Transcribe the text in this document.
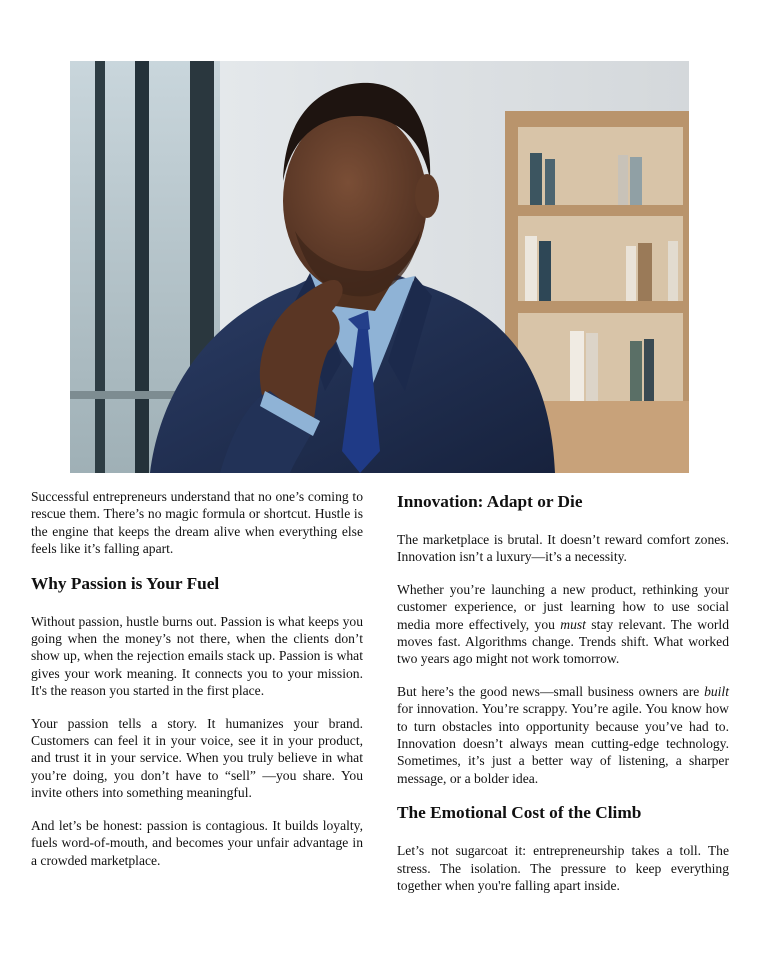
Successful entrepreneurs understand that no one’s coming to rescue them. There’s no magic formula or shortcut. Hustle is the engine that keeps the dream alive when everything else feels like it’s falling apart.

Why Passion is Your Fuel

Without passion, hustle burns out. Passion is what keeps you going when the money’s not there, when the clients don’t show up, when the rejection emails stack up. Passion is what gives your work meaning. It connects you to your mission. It's the reason you started in the first place.

Your passion tells a story. It humanizes your brand. Customers can feel it in your voice, see it in your product, and trust it in your service. When you truly believe in what you’re doing, you don’t have to “sell” —you share. You invite others into something meaningful.

And let’s be honest: passion is contagious. It builds loyalty, fuels word-of-mouth, and becomes your unfair advantage in a crowded marketplace.

Innovation: Adapt or Die

The marketplace is brutal. It doesn’t reward comfort zones. Innovation isn’t a luxury—it’s a necessity.

Whether you’re launching a new product, rethinking your customer experience, or just learning how to use social media more effectively, you must stay relevant. The world moves fast. Algorithms change. Trends shift. What worked two years ago might not work tomorrow.

But here’s the good news—small business owners are built for innovation. You’re scrappy. You’re agile. You know how to turn obstacles into opportunity because you’ve had to. Innovation doesn’t always mean cutting-edge technology. Sometimes, it’s just a better way of listening, a sharper message, or a bolder idea.

The Emotional Cost of the Climb

Let’s not sugarcoat it: entrepreneurship takes a toll. The stress. The isolation. The pressure to keep everything together when you're falling apart inside.
